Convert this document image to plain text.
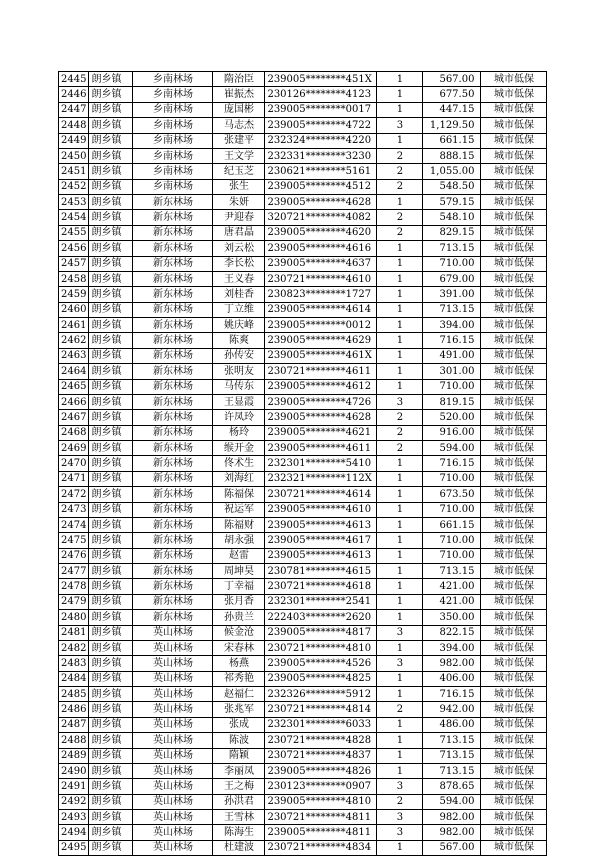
2445	朗乡镇	乡南林场	隋治臣	239005********451X	1	567.00	城市低保
2446	朗乡镇	乡南林场	崔振杰	230126********4123	1	677.50	城市低保
2447	朗乡镇	乡南林场	庞国彬	239005********0017	1	447.15	城市低保
2448	朗乡镇	乡南林场	马志杰	239005********4722	3	1,129.50	城市低保
2449	朗乡镇	乡南林场	张建平	232324********4220	1	661.15	城市低保
2450	朗乡镇	乡南林场	王文学	232331********3230	2	888.15	城市低保
2451	朗乡镇	乡南林场	纪玉芝	230621********5161	2	1,055.00	城市低保
2452	朗乡镇	乡南林场	张生	239005********4512	2	548.50	城市低保
2453	朗乡镇	新东林场	朱妍	239005********4628	1	579.15	城市低保
2454	朗乡镇	新东林场	尹迎春	320721********4082	2	548.10	城市低保
2455	朗乡镇	新东林场	唐君晶	239005********4620	2	829.15	城市低保
2456	朗乡镇	新东林场	刘云松	239005********4616	1	713.15	城市低保
2457	朗乡镇	新东林场	李长松	239005********4637	1	710.00	城市低保
2458	朗乡镇	新东林场	王义春	230721********4610	1	679.00	城市低保
2459	朗乡镇	新东林场	刘桂香	230823********1727	1	391.00	城市低保
2460	朗乡镇	新东林场	丁立维	239005********4614	1	713.15	城市低保
2461	朗乡镇	新东林场	姚庆峰	239005********0012	1	394.00	城市低保
2462	朗乡镇	新东林场	陈爽	239005********4629	1	716.15	城市低保
2463	朗乡镇	新东林场	孙传安	239005********461X	1	491.00	城市低保
2464	朗乡镇	新东林场	张明友	230721********4611	1	301.00	城市低保
2465	朗乡镇	新东林场	马传东	239005********4612	1	710.00	城市低保
2466	朗乡镇	新东林场	王显霞	239005********4726	3	819.15	城市低保
2467	朗乡镇	新东林场	许凤玲	239005********4628	2	520.00	城市低保
2468	朗乡镇	新东林场	杨玲	239005********4621	2	916.00	城市低保
2469	朗乡镇	新东林场	缑开金	239005********4611	2	594.00	城市低保
2470	朗乡镇	新东林场	佟术生	232301********5410	1	716.15	城市低保
2471	朗乡镇	新东林场	刘海红	232321********112X	1	710.00	城市低保
2472	朗乡镇	新东林场	陈福保	230721********4614	1	673.50	城市低保
2473	朗乡镇	新东林场	祝运军	239005********4610	1	710.00	城市低保
2474	朗乡镇	新东林场	陈福财	239005********4613	1	661.15	城市低保
2475	朗乡镇	新东林场	胡永强	239005********4617	1	710.00	城市低保
2476	朗乡镇	新东林场	赵雷	239005********4613	1	710.00	城市低保
2477	朗乡镇	新东林场	周坤昊	230781********4615	1	713.15	城市低保
2478	朗乡镇	新东林场	丁幸福	230721********4618	1	421.00	城市低保
2479	朗乡镇	新东林场	张月香	232301********2541	1	421.00	城市低保
2480	朗乡镇	新东林场	孙贵兰	222403********2620	1	350.00	城市低保
2481	朗乡镇	英山林场	候金沧	239005********4817	3	822.15	城市低保
2482	朗乡镇	英山林场	宋春林	230721********4810	1	394.00	城市低保
2483	朗乡镇	英山林场	杨燕	239005********4526	3	982.00	城市低保
2484	朗乡镇	英山林场	祁秀艳	239005********4825	1	406.00	城市低保
2485	朗乡镇	英山林场	赵福仁	232326********5912	1	716.15	城市低保
2486	朗乡镇	英山林场	张兆军	230721********4814	2	942.00	城市低保
2487	朗乡镇	英山林场	张成	232301********6033	1	486.00	城市低保
2488	朗乡镇	英山林场	陈波	230721********4828	1	713.15	城市低保
2489	朗乡镇	英山林场	隋颖	230721********4837	1	713.15	城市低保
2490	朗乡镇	英山林场	李丽凤	239005********4826	1	713.15	城市低保
2491	朗乡镇	英山林场	王之梅	230123********0907	3	878.65	城市低保
2492	朗乡镇	英山林场	孙洪君	239005********4810	2	594.00	城市低保
2493	朗乡镇	英山林场	王雪林	230721********4811	3	982.00	城市低保
2494	朗乡镇	英山林场	陈海生	239005********4811	3	982.00	城市低保
2495	朗乡镇	英山林场	杜建波	230721********4834	1	567.00	城市低保
